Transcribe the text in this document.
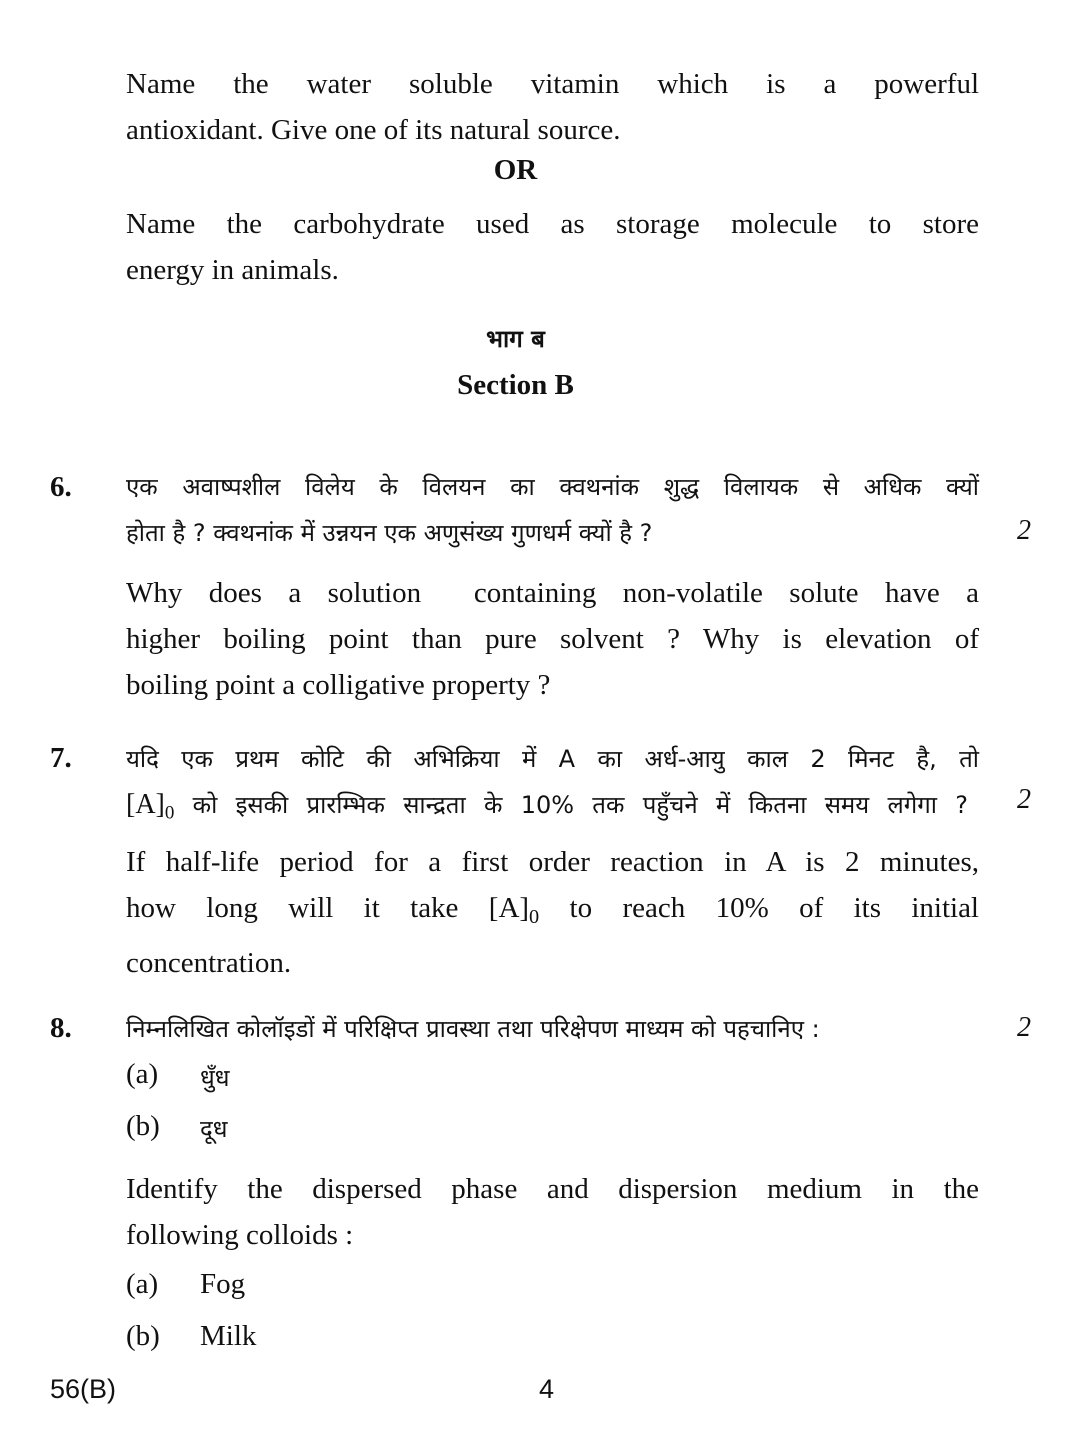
Name the water soluble vitamin which is a powerful
antioxidant. Give one of its natural source.
OR
Name the carbohydrate used as storage molecule to store
energy in animals.
भाग ब
Section B
6. एक अवाष्पशील विलेय के विलयन का क्वथनांक शुद्ध विलायक से अधिक क्यों
होता है ? क्वथनांक में उन्नयन एक अणुसंख्य गुणधर्म क्यों है ?	2
Why does a solution  containing non-volatile solute have a
higher boiling point than pure solvent ? Why is elevation of
boiling point a colligative property ?
7. यदि एक प्रथम कोटि की अभिक्रिया में A का अर्ध-आयु काल 2 मिनट है, तो
$[A]_0$ को इसकी प्रारम्भिक सान्द्रता के 10% तक पहुँचने में कितना समय लगेगा ? 2
If half-life period for a first order reaction in A is 2 minutes,
how long will it take $[A]_0$ to reach 10% of its initial
concentration.
8. निम्नलिखित कोलॉइडों में परिक्षिप्त प्रावस्था तथा परिक्षेपण माध्यम को पहचानिए :	2
(a) धुँध
(b) दूध
Identify the dispersed phase and dispersion medium in the
following colloids :
(a) Fog
(b) Milk
56(B)	4
